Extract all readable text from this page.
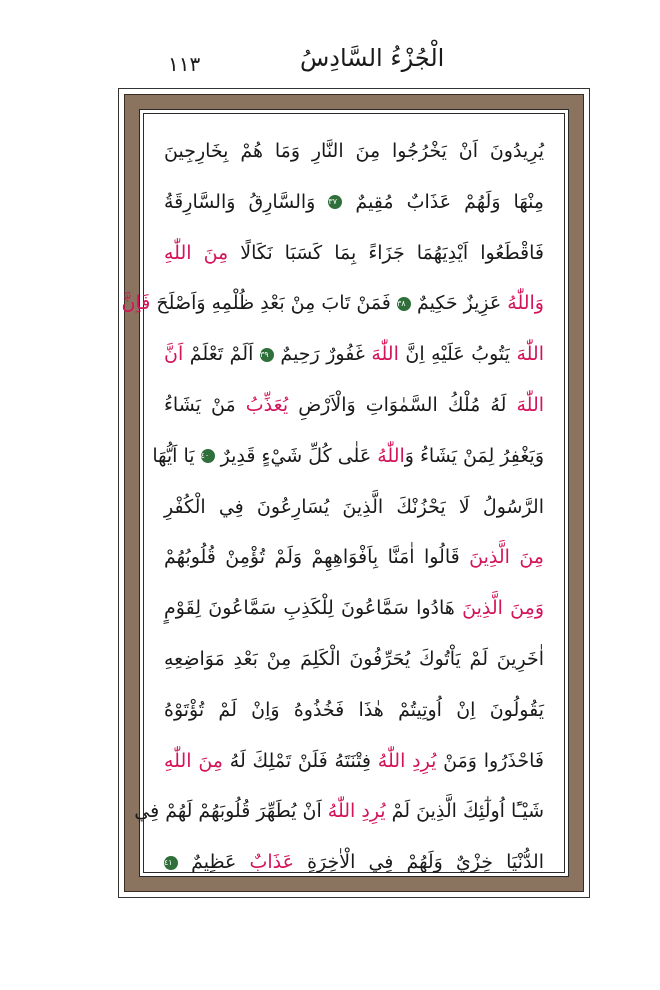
١١٣	الْجُزْءُ السَّادِسُ
يُرِيدُونَ اَنْ يَخْرُجُوا مِنَ النَّارِ وَمَا هُمْ بِخَارِجِينَ
مِنْهَا وَلَهُمْ عَذَابٌ مُقِيمٌ ٣٧ وَالسَّارِقُ وَالسَّارِقَةُ
فَاقْطَعُوا اَيْدِيَهُمَا جَزَاءً بِمَا كَسَبَا نَكَالًا مِنَ اللّٰهِ
وَاللّٰهُ عَزِيزٌ حَكِيمٌ ٣٨ فَمَنْ تَابَ مِنْ بَعْدِ ظُلْمِهِ وَاَصْلَحَ فَاِنَّ
اللّٰهَ يَتُوبُ عَلَيْهِ اِنَّ اللّٰهَ غَفُورٌ رَحِيمٌ ٣٩ اَلَمْ تَعْلَمْ اَنَّ
اللّٰهَ لَهُ مُلْكُ السَّمٰوَاتِ وَالْاَرْضِ يُعَذِّبُ مَنْ يَشَاءُ
وَيَغْفِرُ لِمَنْ يَشَاءُ وَاللّٰهُ عَلٰى كُلِّ شَيْءٍ قَدِيرٌ ٤٠ يَا اَيُّهَا
الرَّسُولُ لَا يَحْزُنْكَ الَّذِينَ يُسَارِعُونَ فِي الْكُفْرِ
مِنَ الَّذِينَ قَالُوا اٰمَنَّا بِاَفْوَاهِهِمْ وَلَمْ تُؤْمِنْ قُلُوبُهُمْ
وَمِنَ الَّذِينَ هَادُوا سَمَّاعُونَ لِلْكَذِبِ سَمَّاعُونَ لِقَوْمٍ
اٰخَرِينَ لَمْ يَاْتُوكَ يُحَرِّفُونَ الْكَلِمَ مِنْ بَعْدِ مَوَاضِعِهِ
يَقُولُونَ اِنْ اُوتِيتُمْ هٰذَا فَخُذُوهُ وَاِنْ لَمْ تُؤْتَوْهُ
فَاحْذَرُوا وَمَنْ يُرِدِ اللّٰهُ فِتْنَتَهُ فَلَنْ تَمْلِكَ لَهُ مِنَ اللّٰهِ
شَيْـًٔا اُولٰٓئِكَ الَّذِينَ لَمْ يُرِدِ اللّٰهُ اَنْ يُطَهِّرَ قُلُوبَهُمْ لَهُمْ فِي
الدُّنْيَا خِزْيٌ وَلَهُمْ فِي الْاٰخِرَةِ عَذَابٌ عَظِيمٌ ٤١
